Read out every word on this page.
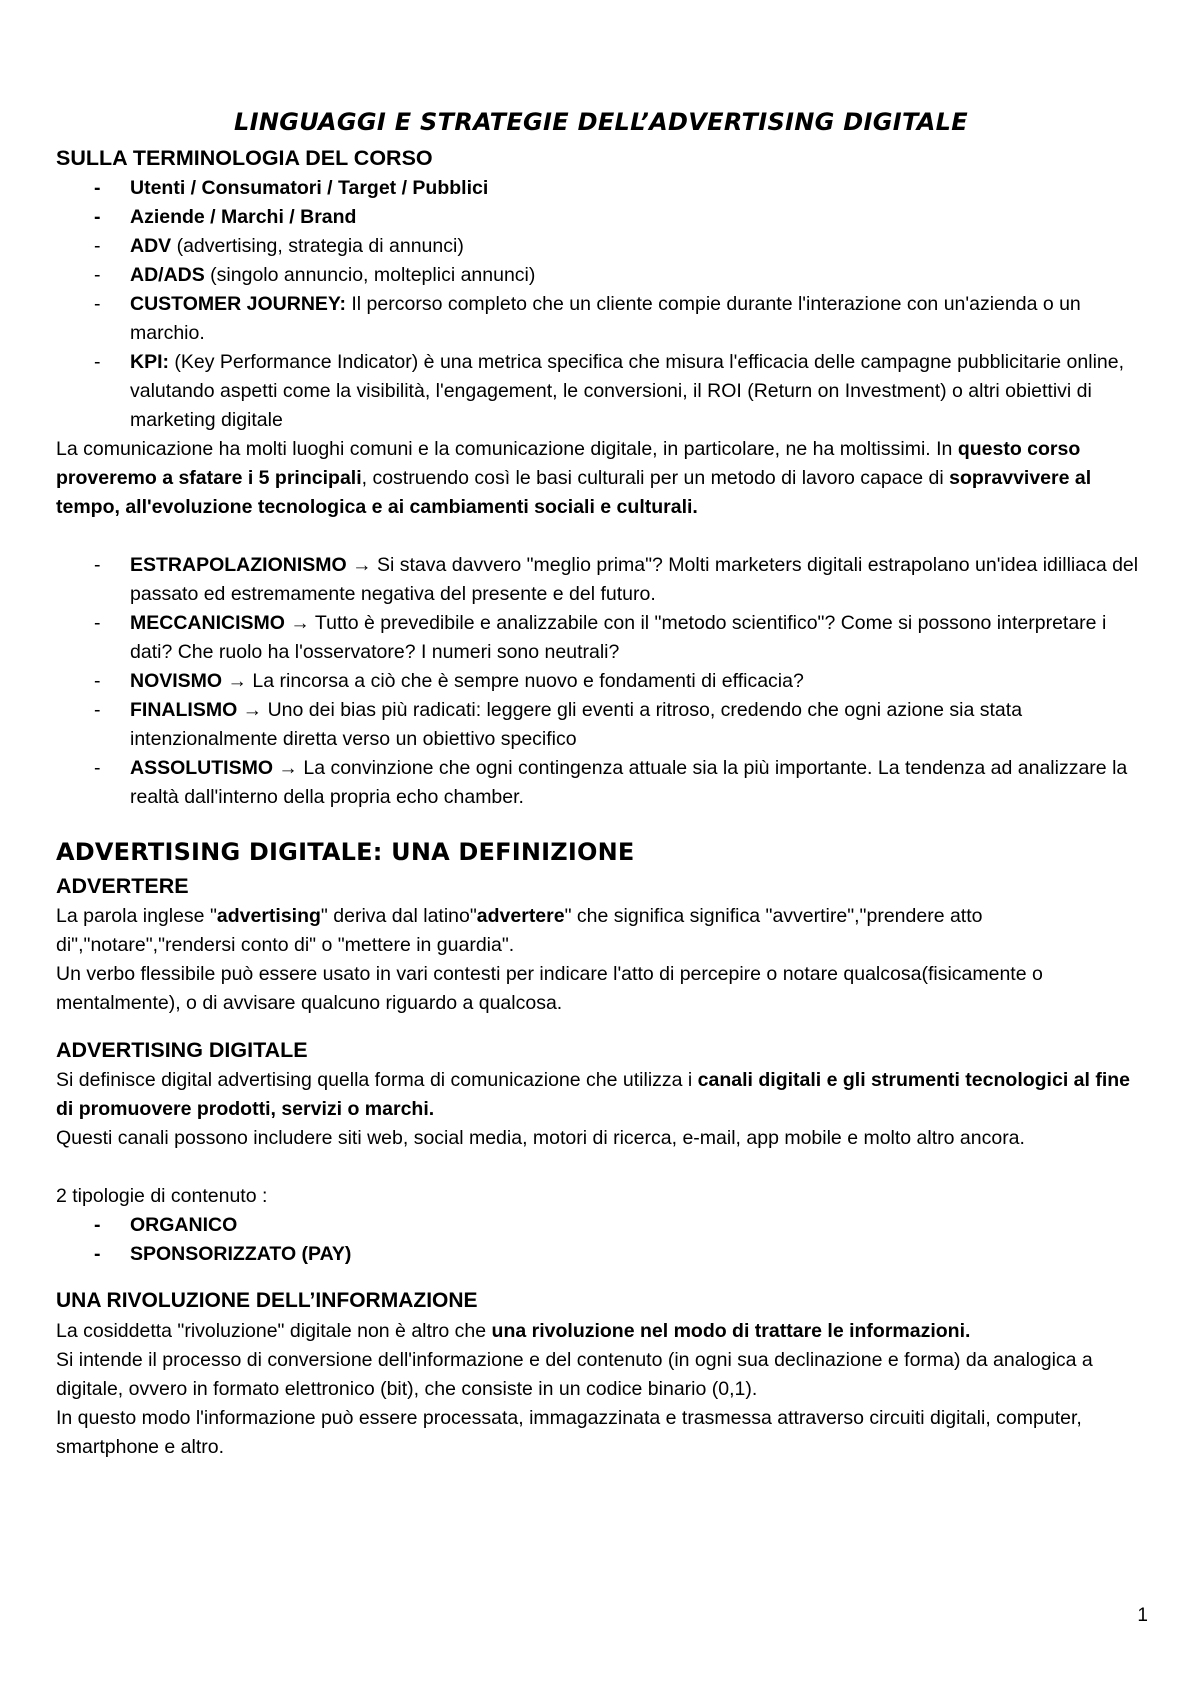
LINGUAGGI E STRATEGIE DELL’ADVERTISING DIGITALE
SULLA TERMINOLOGIA DEL CORSO
- Utenti / Consumatori / Target / Pubblici
- Aziende / Marchi / Brand
- ADV (advertising, strategia di annunci)
- AD/ADS (singolo annuncio, molteplici annunci)
- CUSTOMER JOURNEY: Il percorso completo che un cliente compie durante l'interazione con un'azienda o un marchio.
- KPI: (Key Performance Indicator) è una metrica specifica che misura l'efficacia delle campagne pubblicitarie online, valutando aspetti come la visibilità, l'engagement, le conversioni, il ROI (Return on Investment) o altri obiettivi di marketing digitale

La comunicazione ha molti luoghi comuni e la comunicazione digitale, in particolare, ne ha moltissimi. In questo corso proveremo a sfatare i 5 principali, costruendo così le basi culturali per un metodo di lavoro capace di sopravvivere al tempo, all'evoluzione tecnologica e ai cambiamenti sociali e culturali.

- ESTRAPOLAZIONISMO → Si stava davvero "meglio prima"? Molti marketers digitali estrapolano un'idea idilliaca del passato ed estremamente negativa del presente e del futuro.
- MECCANICISMO → Tutto è prevedibile e analizzabile con il "metodo scientifico"? Come si possono interpretare i dati? Che ruolo ha l'osservatore? I numeri sono neutrali?
- NOVISMO → La rincorsa a ciò che è sempre nuovo e fondamenti di efficacia?
- FINALISMO → Uno dei bias più radicati: leggere gli eventi a ritroso, credendo che ogni azione sia stata intenzionalmente diretta verso un obiettivo specifico
- ASSOLUTISMO → La convinzione che ogni contingenza attuale sia la più importante. La tendenza ad analizzare la realtà dall'interno della propria echo chamber.
ADVERTISING DIGITALE: UNA DEFINIZIONE
ADVERTERE

La parola inglese "advertising" deriva dal latino"advertere" che significa significa "avvertire","prendere atto di","notare","rendersi conto di" o "mettere in guardia".

Un verbo flessibile può essere usato in vari contesti per indicare l'atto di percepire o notare qualcosa(fisicamente o mentalmente), o di avvisare qualcuno riguardo a qualcosa.

ADVERTISING DIGITALE

Si definisce digital advertising quella forma di comunicazione che utilizza i canali digitali e gli strumenti tecnologici al fine di promuovere prodotti, servizi o marchi.

Questi canali possono includere siti web, social media, motori di ricerca, e-mail, app mobile e molto altro ancora.

2 tipologie di contenuto :

- ORGANICO
- SPONSORIZZATO (PAY)
UNA RIVOLUZIONE DELL’INFORMAZIONE

La cosiddetta "rivoluzione" digitale non è altro che una rivoluzione nel modo di trattare le informazioni.

Si intende il processo di conversione dell'informazione e del contenuto (in ogni sua declinazione e forma) da analogica a digitale, ovvero in formato elettronico (bit), che consiste in un codice binario (0,1).

In questo modo l'informazione può essere processata, immagazzinata e trasmessa attraverso circuiti digitali, computer, smartphone e altro.

1
